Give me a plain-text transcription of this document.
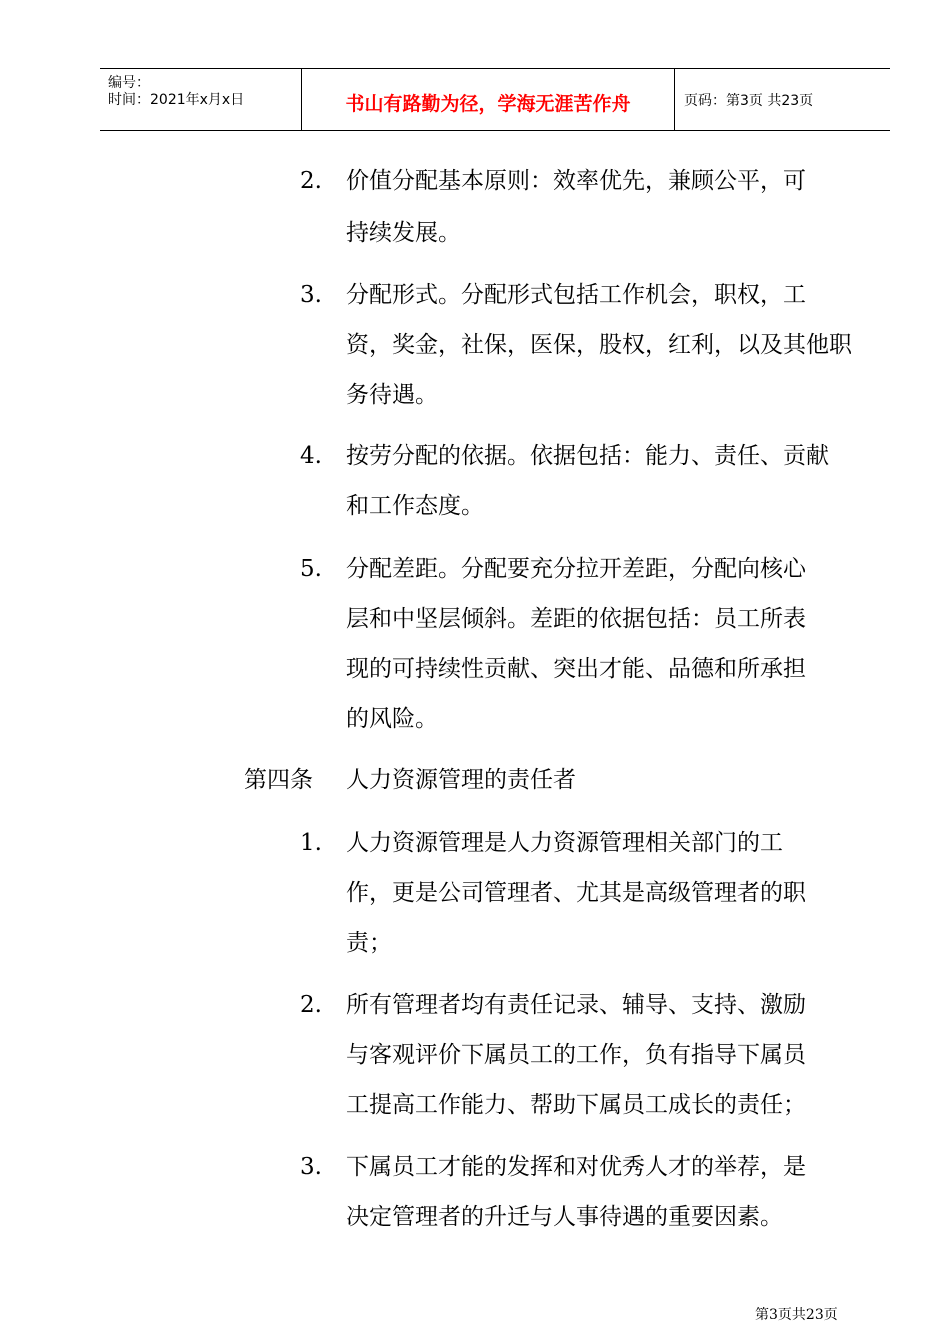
编号：
时间：2021年x月x日	书山有路勤为径，学海无涯苦作舟	页码：第3页 共23页
2. 价值分配基本原则：效率优先，兼顾公平，可
持续发展。
3. 分配形式。分配形式包括工作机会，职权，工
资，奖金，社保，医保，股权，红利，以及其他职
务待遇。
4. 按劳分配的依据。依据包括：能力、责任、贡献
和工作态度。
5. 分配差距。分配要充分拉开差距，分配向核心
层和中坚层倾斜。差距的依据包括：员工所表
现的可持续性贡献、突出才能、品德和所承担
的风险。
第四条 人力资源管理的责任者
1. 人力资源管理是人力资源管理相关部门的工
作，更是公司管理者、尤其是高级管理者的职
责；
2. 所有管理者均有责任记录、辅导、支持、激励
与客观评价下属员工的工作，负有指导下属员
工提高工作能力、帮助下属员工成长的责任；
3. 下属员工才能的发挥和对优秀人才的举荐，是
决定管理者的升迁与人事待遇的重要因素。
第3页共23页
